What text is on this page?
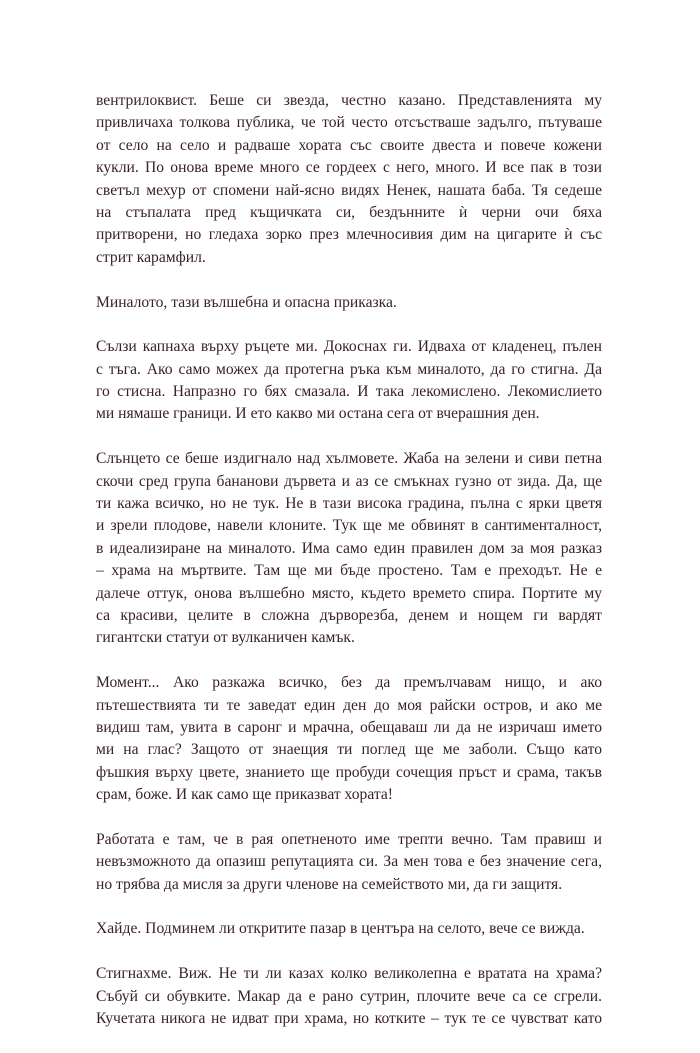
вентрилоквист. Беше си звезда, честно казано. Представленията му
привличаха толкова публика, че той често отсъстваше задълго, пътуваше
от село на село и радваше хората със своите двеста и повече кожени
кукли. По онова време много се гордеех с него, много. И все пак в този
светъл мехур от спомени най-ясно видях Ненек, нашата баба. Тя седеше
на стъпалата пред къщичката си, бездънните ѝ черни очи бяха
притворени, но гледаха зорко през млечносивия дим на цигарите ѝ със
стрит карамфил.
Миналото, тази вълшебна и опасна приказка.
Сълзи капнаха върху ръцете ми. Докоснах ги. Идваха от кладенец, пълен
с тъга. Ако само можех да протегна ръка към миналото, да го стигна. Да
го стисна. Напразно го бях смазала. И така лекомислено. Лекомислието
ми нямаше граници. И ето какво ми остана сега от вчерашния ден.
Слънцето се беше издигнало над хълмовете. Жаба на зелени и сиви петна
скочи сред група бананови дървета и аз се смъкнах гузно от зида. Да, ще
ти кажа всичко, но не тук. Не в тази висока градина, пълна с ярки цветя
и зрели плодове, навели клоните. Тук ще ме обвинят в сантименталност,
в идеализиране на миналото. Има само един правилен дом за моя разказ
– храма на мъртвите. Там ще ми бъде простено. Там е преходът. Не е
далече оттук, онова вълшебно място, където времето спира. Портите му
са красиви, целите в сложна дърворезба, денем и нощем ги вардят
гигантски статуи от вулканичен камък.
Момент... Ако разкажа всичко, без да премълчавам нищо, и ако
пътешествията ти те заведат един ден до моя райски остров, и ако ме
видиш там, увита в саронг и мрачна, обещаваш ли да не изричаш името
ми на глас? Защото от знаещия ти поглед ще ме заболи. Също като
фъшкия върху цвете, знанието ще пробуди сочещия пръст и срама, такъв
срам, боже. И как само ще приказват хората!
Работата е там, че в рая опетненото име трепти вечно. Там правиш и
невъзможното да опазиш репутацията си. За мен това е без значение сега,
но трябва да мисля за други членове на семейството ми, да ги защитя.
Хайде. Подминем ли откритите пазар в центъра на селото, вече се вижда.
Стигнахме. Виж. Не ти ли казах колко великолепна е вратата на храма?
Събуй си обувките. Макар да е рано сутрин, плочите вече са се сгрели.
Кучетата никога не идват при храма, но котките – тук те се чувстват като
